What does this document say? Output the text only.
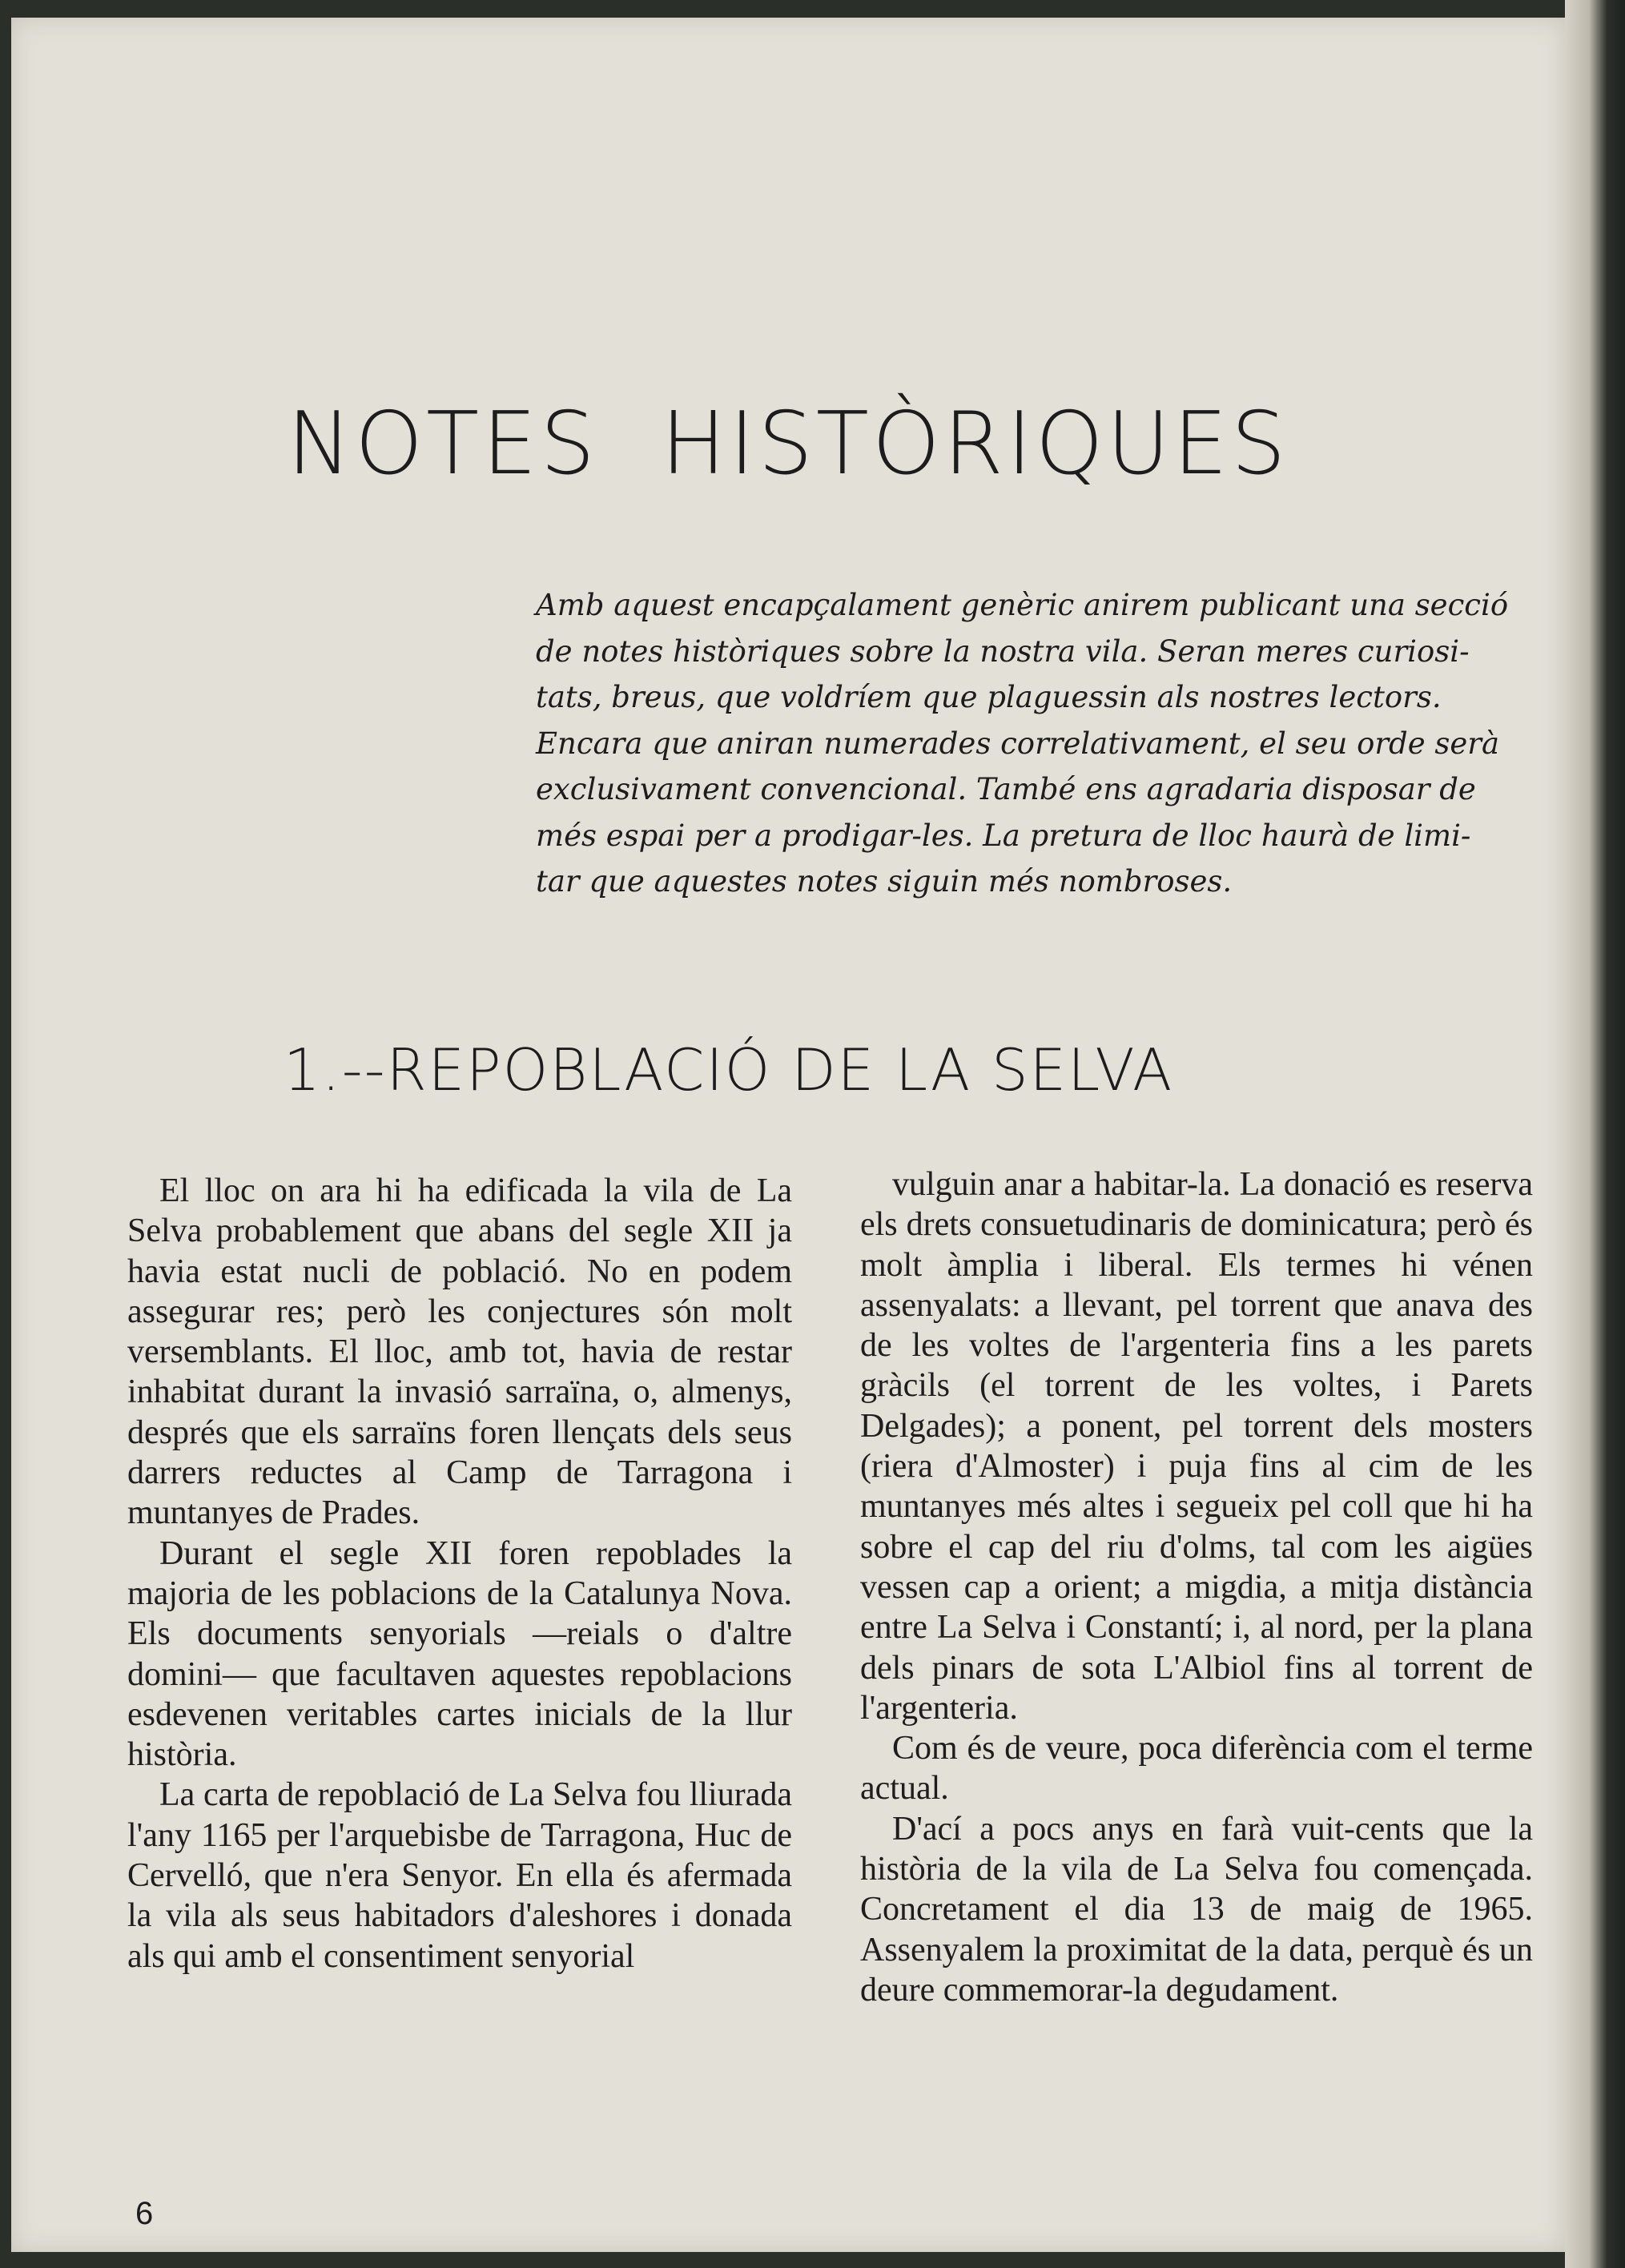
NOTES HISTÒRIQUES
Amb aquest encapçalament genèric anirem publicant una secció
de notes històriques sobre la nostra vila. Seran meres curiosi-
tats, breus, que voldríem que plaguessin als nostres lectors.
Encara que aniran numerades correlativament, el seu orde serà
exclusivament convencional. També ens agradaria disposar de
més espai per a prodigar-les. La pretura de lloc haurà de limi-
tar que aquestes notes siguin més nombroses.
1.--REPOBLACIÓ DE LA SELVA

El lloc on ara hi ha edificada la vila de La Selva probablement que abans del segle XII ja havia estat nucli de població. No en podem assegurar res; però les conjectures són molt versemblants. El lloc, amb tot, havia de restar inhabitat durant la invasió sarraïna, o, almenys, després que els sarraïns foren llençats dels seus darrers reductes al Camp de Tarragona i muntanyes de Prades.

Durant el segle XII foren repoblades la majoria de les poblacions de la Catalunya Nova. Els documents senyorials —reials o d'altre domini— que facultaven aquestes repoblacions esdevenen veritables cartes inicials de la llur història.

La carta de repoblació de La Selva fou lliurada l'any 1165 per l'arquebisbe de Tarragona, Huc de Cervelló, que n'era Senyor. En ella és afermada la vila als seus habitadors d'aleshores i donada als qui amb el consentiment senyorial

vulguin anar a habitar-la. La donació es reserva els drets consuetudinaris de dominicatura; però és molt àmplia i liberal. Els termes hi vénen assenyalats: a llevant, pel torrent que anava des de les voltes de l'argenteria fins a les parets gràcils (el torrent de les voltes, i Parets Delgades); a ponent, pel torrent dels mosters (riera d'Almoster) i puja fins al cim de les muntanyes més altes i segueix pel coll que hi ha sobre el cap del riu d'olms, tal com les aigües vessen cap a orient; a migdia, a mitja distància entre La Selva i Constantí; i, al nord, per la plana dels pinars de sota L'Albiol fins al torrent de l'argenteria.

Com és de veure, poca diferència com el terme actual.

D'ací a pocs anys en farà vuit-cents que la història de la vila de La Selva fou començada. Concretament el dia 13 de maig de 1965. Assenyalem la proximitat de la data, perquè és un deure commemorar-la degudament.

6
